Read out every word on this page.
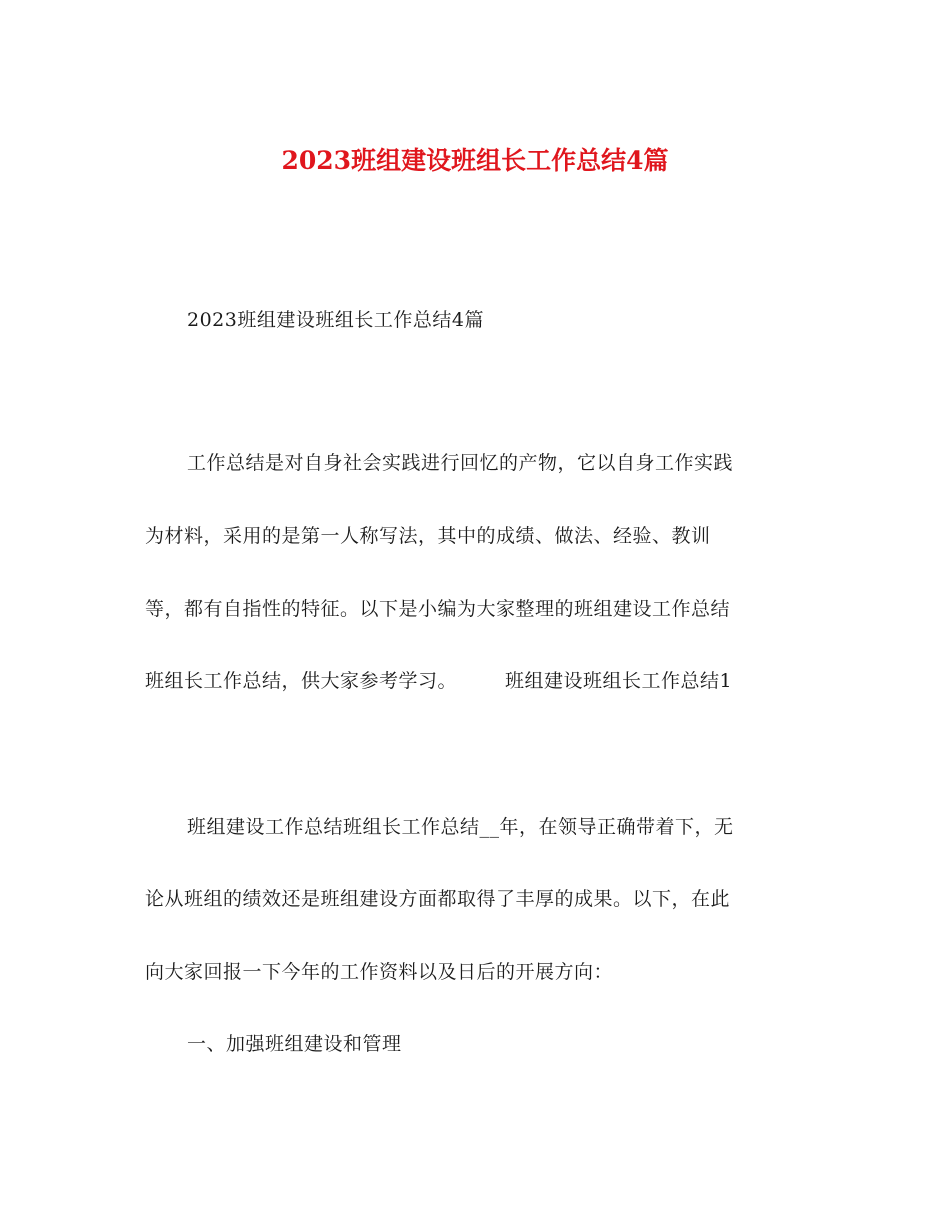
2023班组建设班组长工作总结4篇
2023班组建设班组长工作总结4篇
工作总结是对自身社会实践进行回忆的产物，它以自身工作实践
为材料，采用的是第一人称写法，其中的成绩、做法、经验、教训
等，都有自指性的特征。以下是小编为大家整理的班组建设工作总结
班组长工作总结，供大家参考学习。	班组建设班组长工作总结1
班组建设工作总结班组长工作总结__年，在领导正确带着下，无
论从班组的绩效还是班组建设方面都取得了丰厚的成果。以下，在此
向大家回报一下今年的工作资料以及日后的开展方向：
一、加强班组建设和管理
